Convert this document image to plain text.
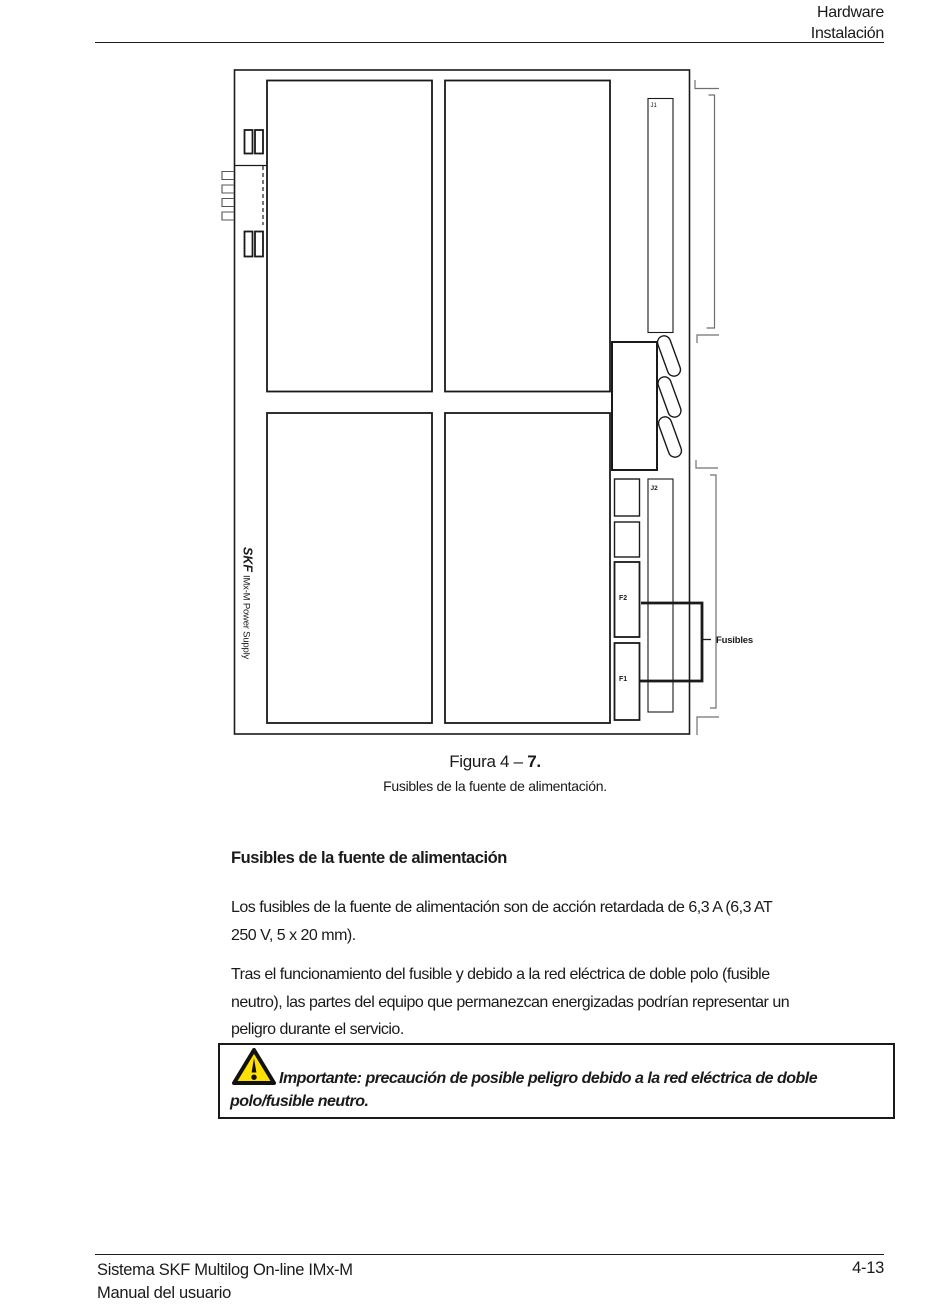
Hardware
Instalación
J1
J2
F2
F1
Fusibles
SKF
IMx-M Power Supply
Figura 4 – 7.
Fusibles de la fuente de alimentación.
Fusibles de la fuente de alimentación
Los fusibles de la fuente de alimentación son de acción retardada de 6,3 A (6,3 AT
250 V, 5 x 20 mm).
Tras el funcionamiento del fusible y debido a la red eléctrica de doble polo (fusible
neutro), las partes del equipo que permanezcan energizadas podrían representar un
peligro durante el servicio.
Importante: precaución de posible peligro debido a la red eléctrica de doble
polo/fusible neutro.
Sistema SKF Multilog On-line IMx-M
Manual del usuario
4-13
